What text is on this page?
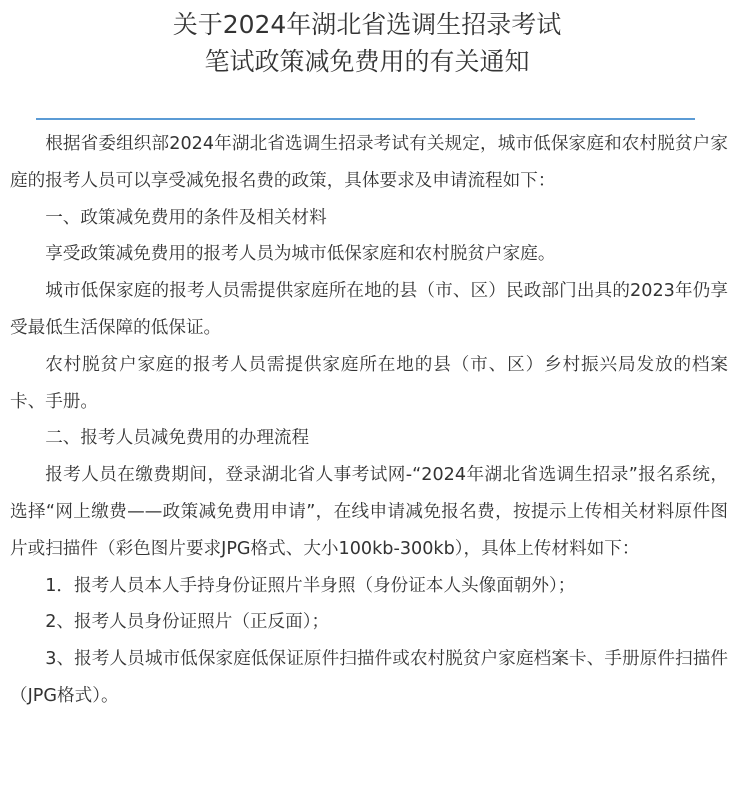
关于2024年湖北省选调生招录考试
笔试政策减免费用的有关通知

根据省委组织部2024年湖北省选调生招录考试有关规定，城市低保家庭和农村脱贫户家庭的报考人员可以享受减免报名费的政策，具体要求及申请流程如下：

一、政策减免费用的条件及相关材料

享受政策减免费用的报考人员为城市低保家庭和农村脱贫户家庭。

城市低保家庭的报考人员需提供家庭所在地的县（市、区）民政部门出具的2023年仍享受最低生活保障的低保证。

农村脱贫户家庭的报考人员需提供家庭所在地的县（市、区）乡村振兴局发放的档案卡、手册。

二、报考人员减免费用的办理流程

报考人员在缴费期间，登录湖北省人事考试网-“2024年湖北省选调生招录”报名系统，选择“网上缴费——政策减免费用申请”，在线申请减免报名费，按提示上传相关材料原件图片或扫描件（彩色图片要求JPG格式、大小100kb-300kb），具体上传材料如下：

1．报考人员本人手持身份证照片半身照（身份证本人头像面朝外）；

2、报考人员身份证照片（正反面）；

3、报考人员城市低保家庭低保证原件扫描件或农村脱贫户家庭档案卡、手册原件扫描件（JPG格式）。
